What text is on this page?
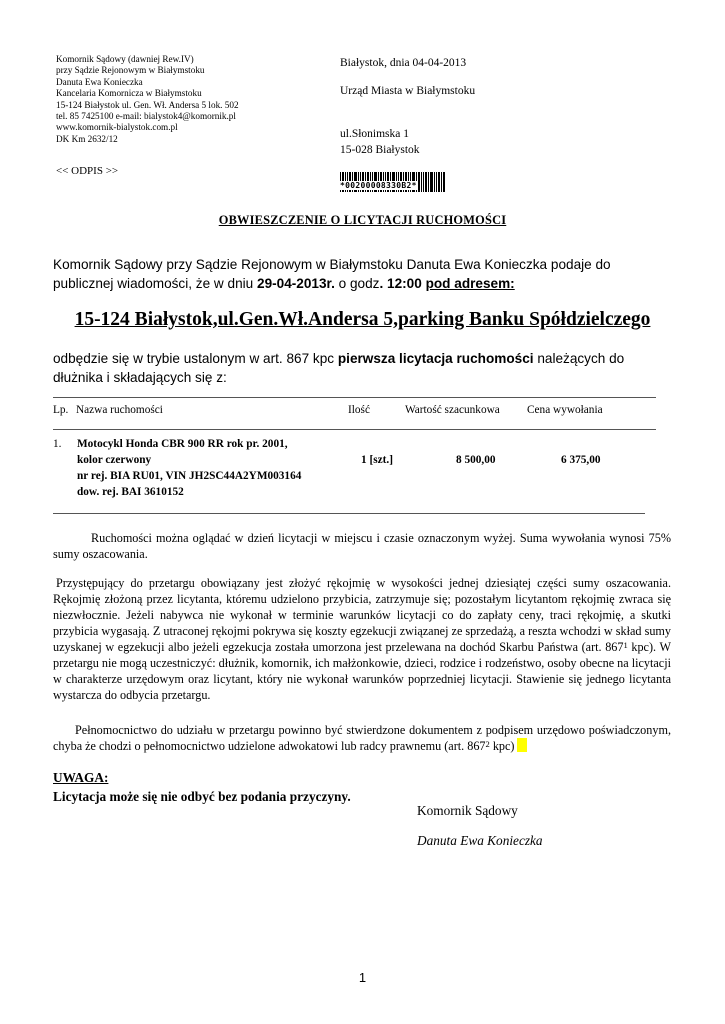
Komornik Sądowy (dawniej Rew.IV)
przy Sądzie Rejonowym w Białymstoku
Danuta Ewa Konieczka
Kancelaria Komornicza w Białymstoku
15-124 Białystok ul. Gen. Wł. Andersa 5 lok. 502
tel. 85 7425100 e-mail: bialystok4@komornik.pl
www.komornik-bialystok.com.pl
DK Km 2632/12
<< ODPIS >>
Białystok, dnia 04-04-2013
Urząd Miasta w Białymstoku
ul.Słonimska 1
15-028 Białystok
*00200008330B2*
OBWIESZCZENIE O LICYTACJI RUCHOMOŚCI
Komornik Sądowy przy Sądzie Rejonowym w Białymstoku Danuta Ewa Konieczka podaje do publicznej wiadomości, że w dniu 29-04-2013r. o godz. 12:00 pod adresem:
15-124 Białystok,ul.Gen.Wł.Andersa 5,parking Banku Spółdzielczego
odbędzie się w trybie ustalonym w art. 867 kpc pierwsza licytacja ruchomości należących do dłużnika i składających się z:
Lp. Nazwa ruchomości	Ilość	Wartość szacunkowa Cena wywołania
1. Motocykl Honda CBR 900 RR rok pr. 2001,
kolor czerwony
nr rej. BIA RU01, VIN JH2SC44A2YM003164
dow. rej. BAI 3610152
1 [szt.]	8 500,00	6 375,00
Ruchomości można oglądać w dzień licytacji w miejscu i czasie oznaczonym wyżej. Suma wywołania wynosi 75% sumy oszacowania.
Przystępujący do przetargu obowiązany jest złożyć rękojmię w wysokości jednej dziesiątej części sumy oszacowania. Rękojmię złożoną przez licytanta, któremu udzielono przybicia, zatrzymuje się; pozostałym licytantom rękojmię zwraca się niezwłocznie. Jeżeli nabywca nie wykonał w terminie warunków licytacji co do zapłaty ceny, traci rękojmię, a skutki przybicia wygasają. Z utraconej rękojmi pokrywa się koszty egzekucji związanej ze sprzedażą, a reszta wchodzi w skład sumy uzyskanej w egzekucji albo jeżeli egzekucja została umorzona jest przelewana na dochód Skarbu Państwa (art. $867^1$ kpc). W przetargu nie mogą uczestniczyć: dłużnik, komornik, ich małżonkowie, dzieci, rodzice i rodzeństwo, osoby obecne na licytacji w charakterze urzędowym oraz licytant, który nie wykonał warunków poprzedniej licytacji. Stawienie się jednego licytanta wystarcza do odbycia przetargu.
Pełnomocnictwo do udziału w przetargu powinno być stwierdzone dokumentem z podpisem urzędowo poświadczonym, chyba że chodzi o pełnomocnictwo udzielone adwokatowi lub radcy prawnemu (art. $867^2$ kpc)
UWAGA:
Licytacja może się nie odbyć bez podania przyczyny.
Komornik Sądowy
Danuta Ewa Konieczka
1
